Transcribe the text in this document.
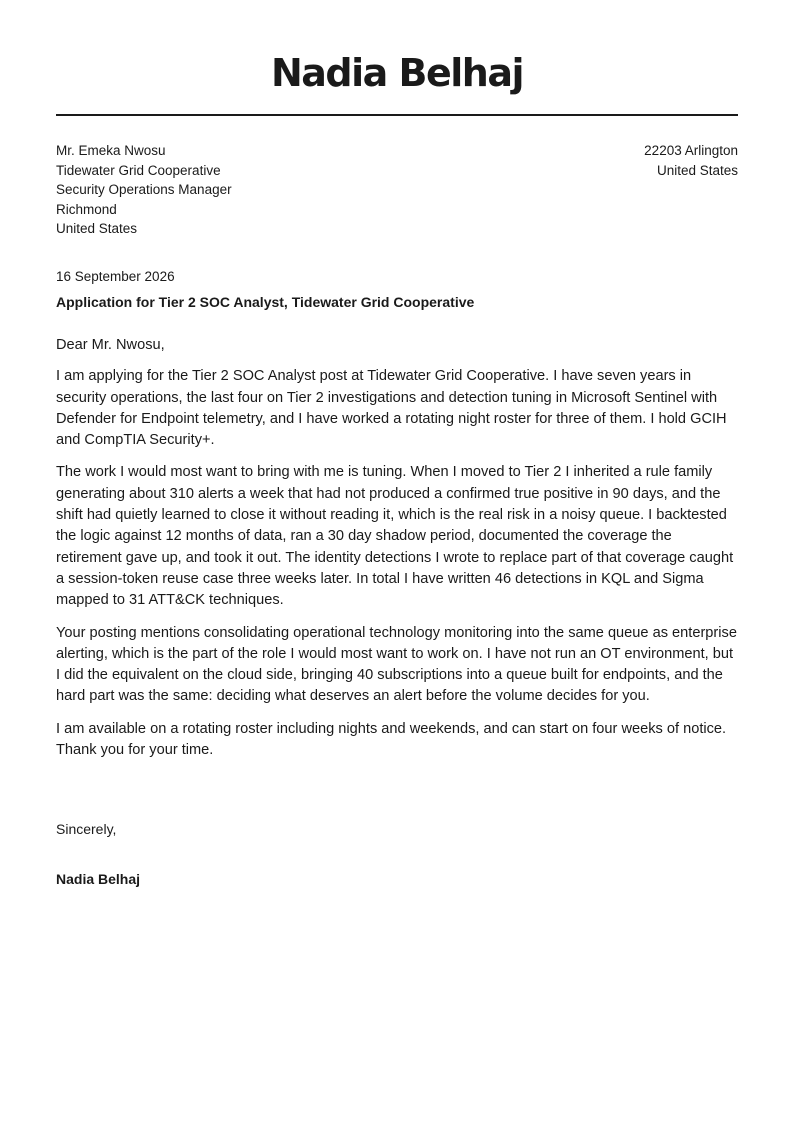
Nadia Belhaj
Mr. Emeka Nwosu
Tidewater Grid Cooperative
Security Operations Manager
Richmond
United States
22203 Arlington
United States
16 September 2026
Application for Tier 2 SOC Analyst, Tidewater Grid Cooperative

Dear Mr. Nwosu,

I am applying for the Tier 2 SOC Analyst post at Tidewater Grid Cooperative. I have seven years in security operations, the last four on Tier 2 investigations and detection tuning in Microsoft Sentinel with Defender for Endpoint telemetry, and I have worked a rotating night roster for three of them. I hold GCIH and CompTIA Security+.

The work I would most want to bring with me is tuning. When I moved to Tier 2 I inherited a rule family generating about 310 alerts a week that had not produced a confirmed true positive in 90 days, and the shift had quietly learned to close it without reading it, which is the real risk in a noisy queue. I backtested the logic against 12 months of data, ran a 30 day shadow period, documented the coverage the retirement gave up, and took it out. The identity detections I wrote to replace part of that coverage caught a session-token reuse case three weeks later. In total I have written 46 detections in KQL and Sigma mapped to 31 ATT&CK techniques.

Your posting mentions consolidating operational technology monitoring into the same queue as enterprise alerting, which is the part of the role I would most want to work on. I have not run an OT environment, but I did the equivalent on the cloud side, bringing 40 subscriptions into a queue built for endpoints, and the hard part was the same: deciding what deserves an alert before the volume decides for you.

I am available on a rotating roster including nights and weekends, and can start on four weeks of notice. Thank you for your time.

Sincerely,
Nadia Belhaj
